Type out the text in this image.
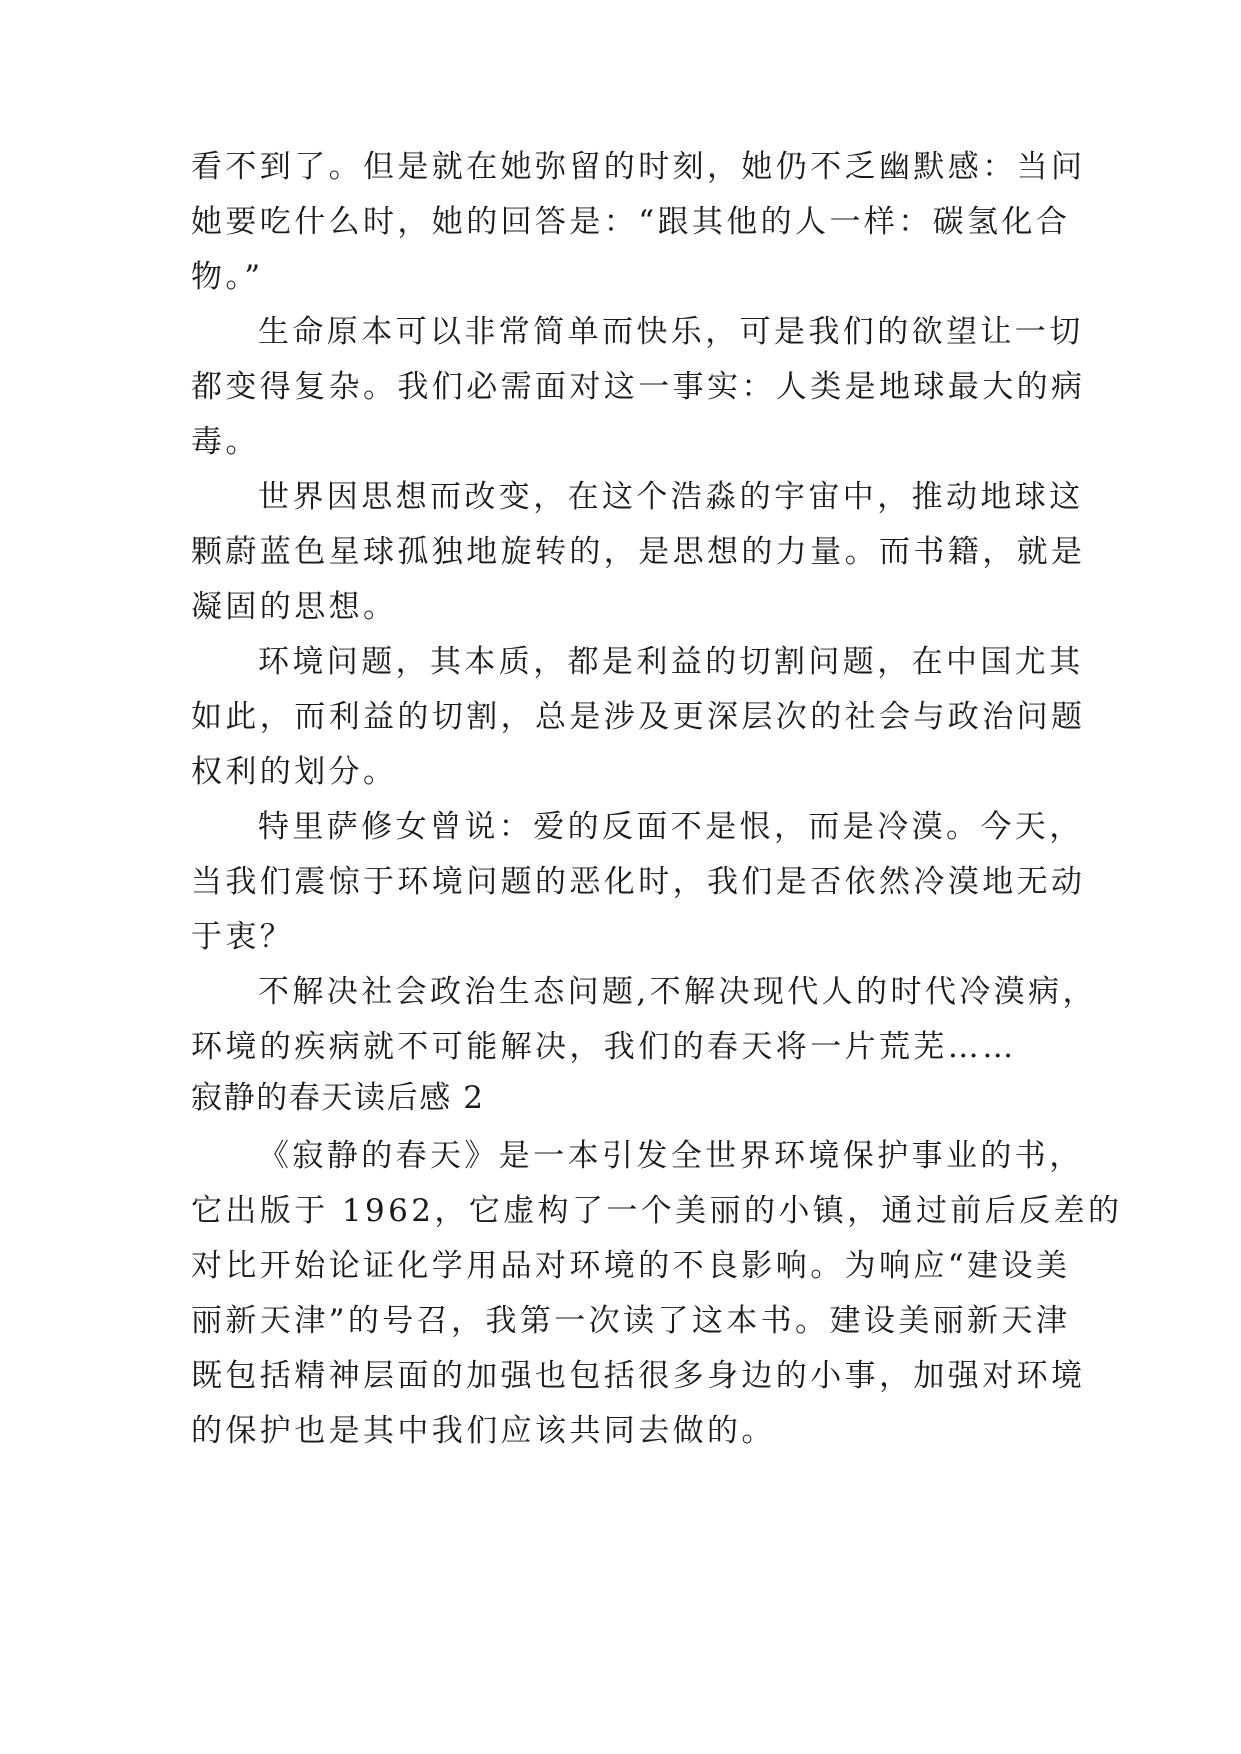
看不到了。但是就在她弥留的时刻，她仍不乏幽默感：当问
她要吃什么时，她的回答是：“跟其他的人一样：碳氢化合
物。”
生命原本可以非常简单而快乐，可是我们的欲望让一切
都变得复杂。我们必需面对这一事实：人类是地球最大的病
毒。
世界因思想而改变，在这个浩淼的宇宙中，推动地球这
颗蔚蓝色星球孤独地旋转的，是思想的力量。而书籍，就是
凝固的思想。
环境问题，其本质，都是利益的切割问题，在中国尤其
如此，而利益的切割，总是涉及更深层次的社会与政治问题
权利的划分。
特里萨修女曾说：爱的反面不是恨，而是冷漠。今天，
当我们震惊于环境问题的恶化时，我们是否依然冷漠地无动
于衷？
不解决社会政治生态问题,不解决现代人的时代冷漠病，
环境的疾病就不可能解决，我们的春天将一片荒芜……
寂静的春天读后感 2
《寂静的春天》是一本引发全世界环境保护事业的书，
它出版于 1962，它虚构了一个美丽的小镇，通过前后反差的
对比开始论证化学用品对环境的不良影响。为响应“建设美
丽新天津”的号召，我第一次读了这本书。建设美丽新天津
既包括精神层面的加强也包括很多身边的小事，加强对环境
的保护也是其中我们应该共同去做的。
